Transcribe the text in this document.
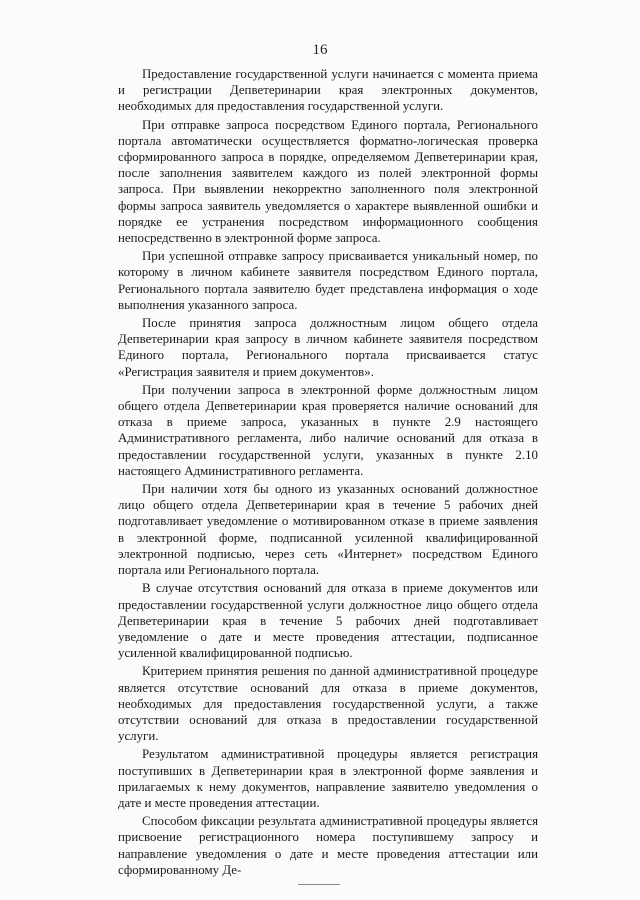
16

Предоставление государственной услуги начинается с момента приема и регистрации Депветеринарии края электронных документов, необходимых для предоставления государственной услуги.

При отправке запроса посредством Единого портала, Регионального портала автоматически осуществляется форматно-логическая проверка сформированного запроса в порядке, определяемом Депветеринарии края, после заполнения заявителем каждого из полей электронной формы запроса. При выявлении некорректно заполненного поля электронной формы запроса заявитель уведомляется о характере выявленной ошибки и порядке ее устранения посредством информационного сообщения непосредственно в электронной форме запроса.

При успешной отправке запросу присваивается уникальный номер, по которому в личном кабинете заявителя посредством Единого портала, Регионального портала заявителю будет представлена информация о ходе выполнения указанного запроса.

После принятия запроса должностным лицом общего отдела Депветеринарии края запросу в личном кабинете заявителя посредством Единого портала, Регионального портала присваивается статус «Регистрация заявителя и прием документов».

При получении запроса в электронной форме должностным лицом общего отдела Депветеринарии края проверяется наличие оснований для отказа в приеме запроса, указанных в пункте 2.9 настоящего Административного регламента, либо наличие оснований для отказа в предоставлении государственной услуги, указанных в пункте 2.10 настоящего Административного регламента.

При наличии хотя бы одного из указанных оснований должностное лицо общего отдела Депветеринарии края в течение 5 рабочих дней подготавливает уведомление о мотивированном отказе в приеме заявления в электронной форме, подписанной усиленной квалифицированной электронной подписью, через сеть «Интернет» посредством Единого портала или Регионального портала.

В случае отсутствия оснований для отказа в приеме документов или предоставлении государственной услуги должностное лицо общего отдела Депветеринарии края в течение 5 рабочих дней подготавливает уведомление о дате и месте проведения аттестации, подписанное усиленной квалифицированной подписью.

Критерием принятия решения по данной административной процедуре является отсутствие оснований для отказа в приеме документов, необходимых для предоставления государственной услуги, а также отсутствии оснований для отказа в предоставлении государственной услуги.

Результатом административной процедуры является регистрация поступивших в Депветеринарии края в электронной форме заявления и прилагаемых к нему документов, направление заявителю уведомления о дате и месте проведения аттестации.

Способом фиксации результата административной процедуры является присвоение регистрационного номера поступившему запросу и направление уведомления о дате и месте проведения аттестации или сформированному Де-
